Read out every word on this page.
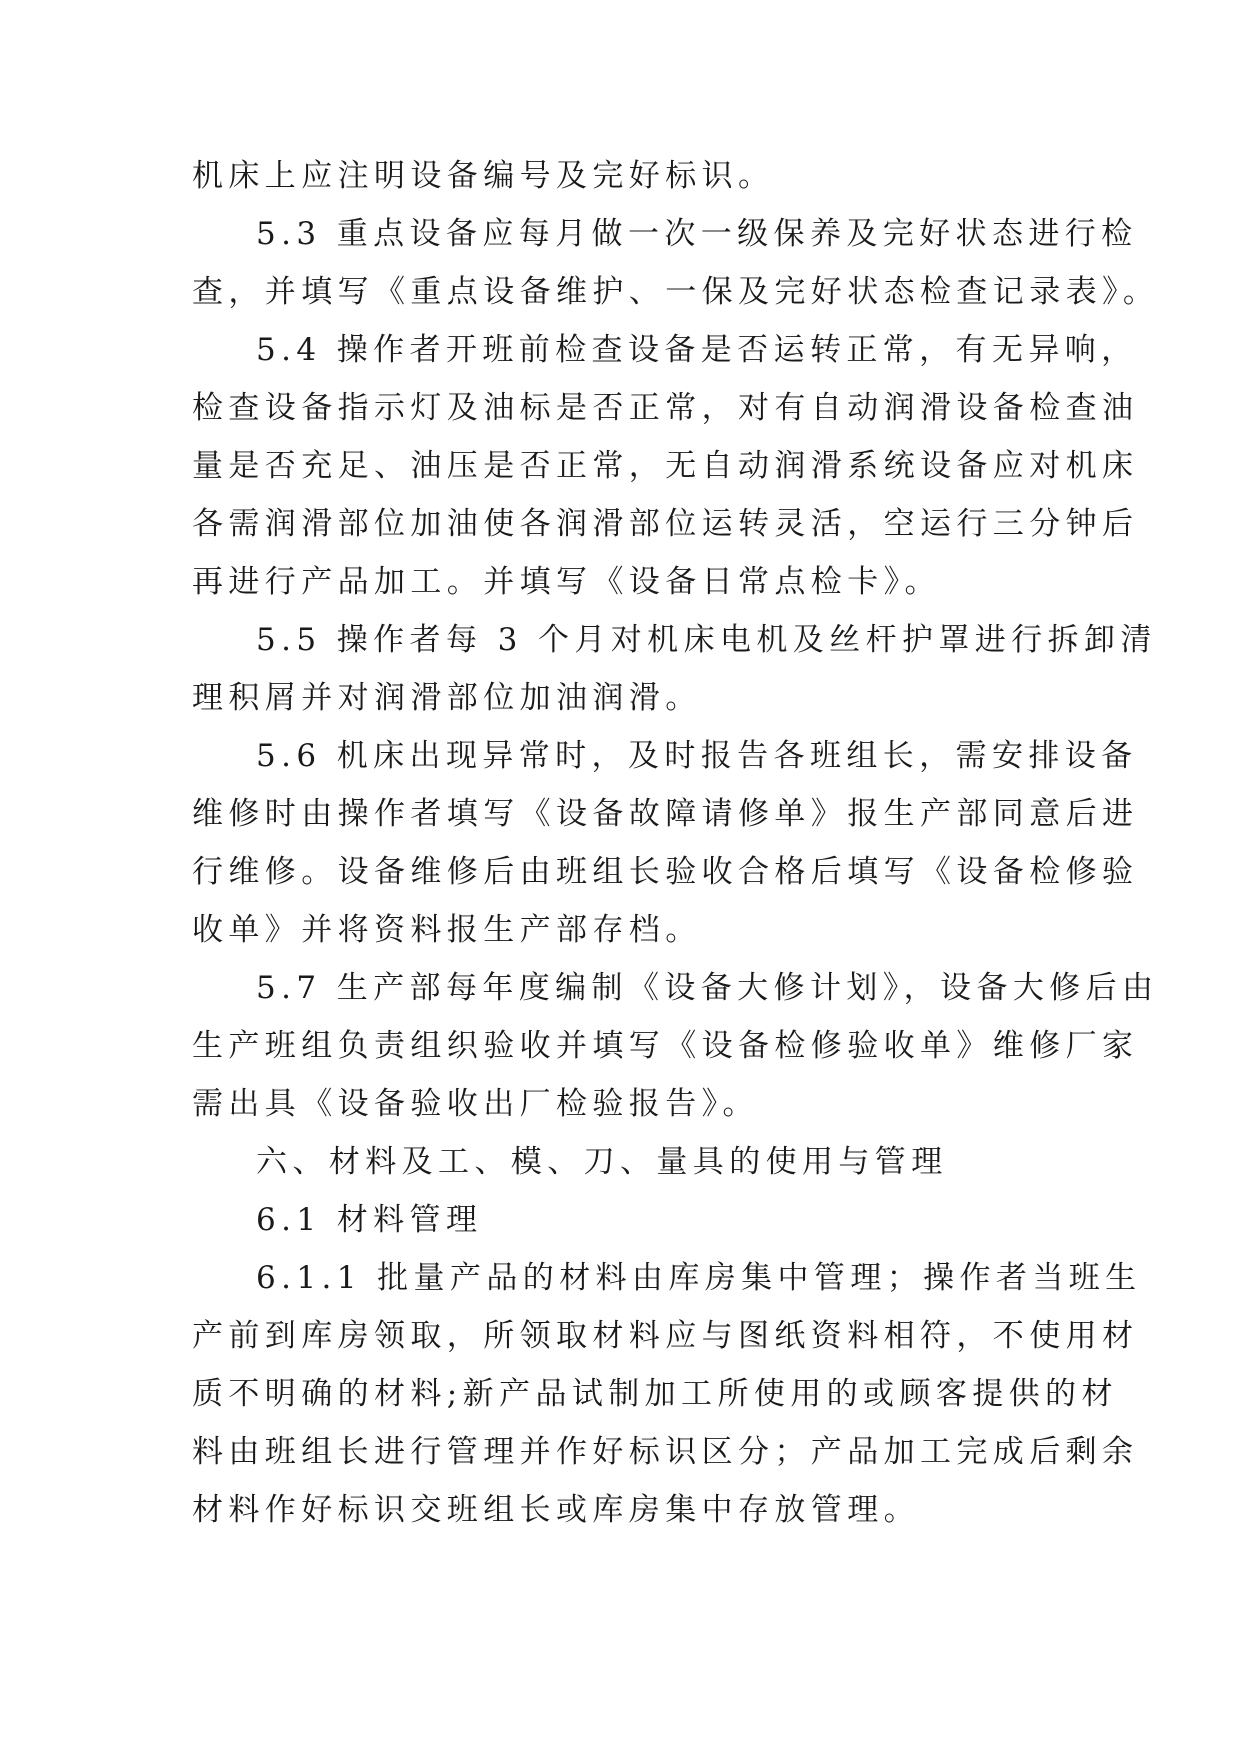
机床上应注明设备编号及完好标识。
5.3 重点设备应每月做一次一级保养及完好状态进行检
查，并填写《重点设备维护、一保及完好状态检查记录表》。
5.4 操作者开班前检查设备是否运转正常，有无异响，
检查设备指示灯及油标是否正常，对有自动润滑设备检查油
量是否充足、油压是否正常，无自动润滑系统设备应对机床
各需润滑部位加油使各润滑部位运转灵活，空运行三分钟后
再进行产品加工。并填写《设备日常点检卡》。
5.5 操作者每 3 个月对机床电机及丝杆护罩进行拆卸清
理积屑并对润滑部位加油润滑。
5.6 机床出现异常时，及时报告各班组长，需安排设备
维修时由操作者填写《设备故障请修单》报生产部同意后进
行维修。设备维修后由班组长验收合格后填写《设备检修验
收单》并将资料报生产部存档。
5.7 生产部每年度编制《设备大修计划》，设备大修后由
生产班组负责组织验收并填写《设备检修验收单》维修厂家
需出具《设备验收出厂检验报告》。
六、材料及工、模、刀、量具的使用与管理
6.1 材料管理
6.1.1 批量产品的材料由库房集中管理；操作者当班生
产前到库房领取，所领取材料应与图纸资料相符，不使用材
质不明确的材料;新产品试制加工所使用的或顾客提供的材
料由班组长进行管理并作好标识区分；产品加工完成后剩余
材料作好标识交班组长或库房集中存放管理。
